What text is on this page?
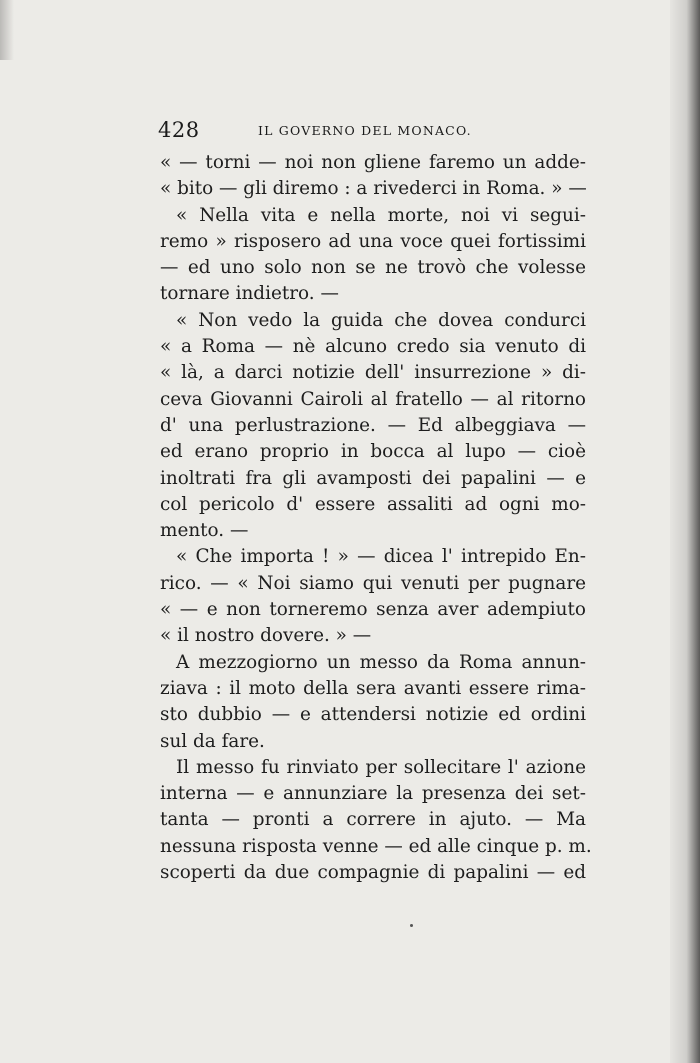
428	IL GOVERNO DEL MONACO.
« — torni — noi non gliene faremo un adde-
« bito — gli diremo : a rivederci in Roma. » —
« Nella vita e nella morte, noi vi segui-
remo » risposero ad una voce quei fortissimi
— ed uno solo non se ne trovò che volesse
tornare indietro. —
« Non vedo la guida che dovea condurci
« a Roma — nè alcuno credo sia venuto di
« là, a darci notizie dell' insurrezione » di-
ceva Giovanni Cairoli al fratello — al ritorno
d' una perlustrazione. — Ed albeggiava —
ed erano proprio in bocca al lupo — cioè
inoltrati fra gli avamposti dei papalini — e
col pericolo d' essere assaliti ad ogni mo-
mento. —
« Che importa ! » — dicea l' intrepido En-
rico. — « Noi siamo qui venuti per pugnare
« — e non torneremo senza aver adempiuto
« il nostro dovere. » —
A mezzogiorno un messo da Roma annun-
ziava : il moto della sera avanti essere rima-
sto dubbio — e attendersi notizie ed ordini
sul da fare.
Il messo fu rinviato per sollecitare l' azione
interna — e annunziare la presenza dei set-
tanta — pronti a correre in ajuto. — Ma
nessuna risposta venne — ed alle cinque p. m.
scoperti da due compagnie di papalini — ed
